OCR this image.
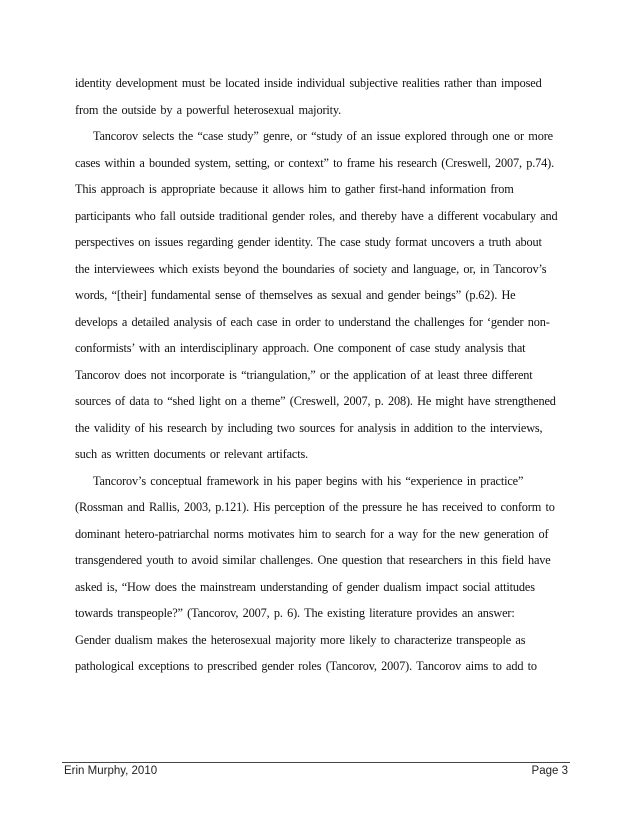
identity development must be located inside individual subjective realities rather than imposed
from the outside by a powerful heterosexual majority.

Tancorov selects the “case study” genre, or “study of an issue explored through one or more
cases within a bounded system, setting, or context” to frame his research (Creswell, 2007, p.74).
This approach is appropriate because it allows him to gather first-hand information from
participants who fall outside traditional gender roles, and thereby have a different vocabulary and
perspectives on issues regarding gender identity. The case study format uncovers a truth about
the interviewees which exists beyond the boundaries of society and language, or, in Tancorov’s
words, “[their] fundamental sense of themselves as sexual and gender beings” (p.62). He
develops a detailed analysis of each case in order to understand the challenges for ‘gender non-
conformists’ with an interdisciplinary approach. One component of case study analysis that
Tancorov does not incorporate is “triangulation,” or the application of at least three different
sources of data to “shed light on a theme” (Creswell, 2007, p. 208). He might have strengthened
the validity of his research by including two sources for analysis in addition to the interviews,
such as written documents or relevant artifacts.

Tancorov’s conceptual framework in his paper begins with his “experience in practice”
(Rossman and Rallis, 2003, p.121). His perception of the pressure he has received to conform to
dominant hetero-patriarchal norms motivates him to search for a way for the new generation of
transgendered youth to avoid similar challenges. One question that researchers in this field have
asked is, “How does the mainstream understanding of gender dualism impact social attitudes
towards transpeople?” (Tancorov, 2007, p. 6). The existing literature provides an answer:

Gender dualism makes the heterosexual majority more likely to characterize transpeople as
pathological exceptions to prescribed gender roles (Tancorov, 2007). Tancorov aims to add to

Erin Murphy, 2010	Page 3
